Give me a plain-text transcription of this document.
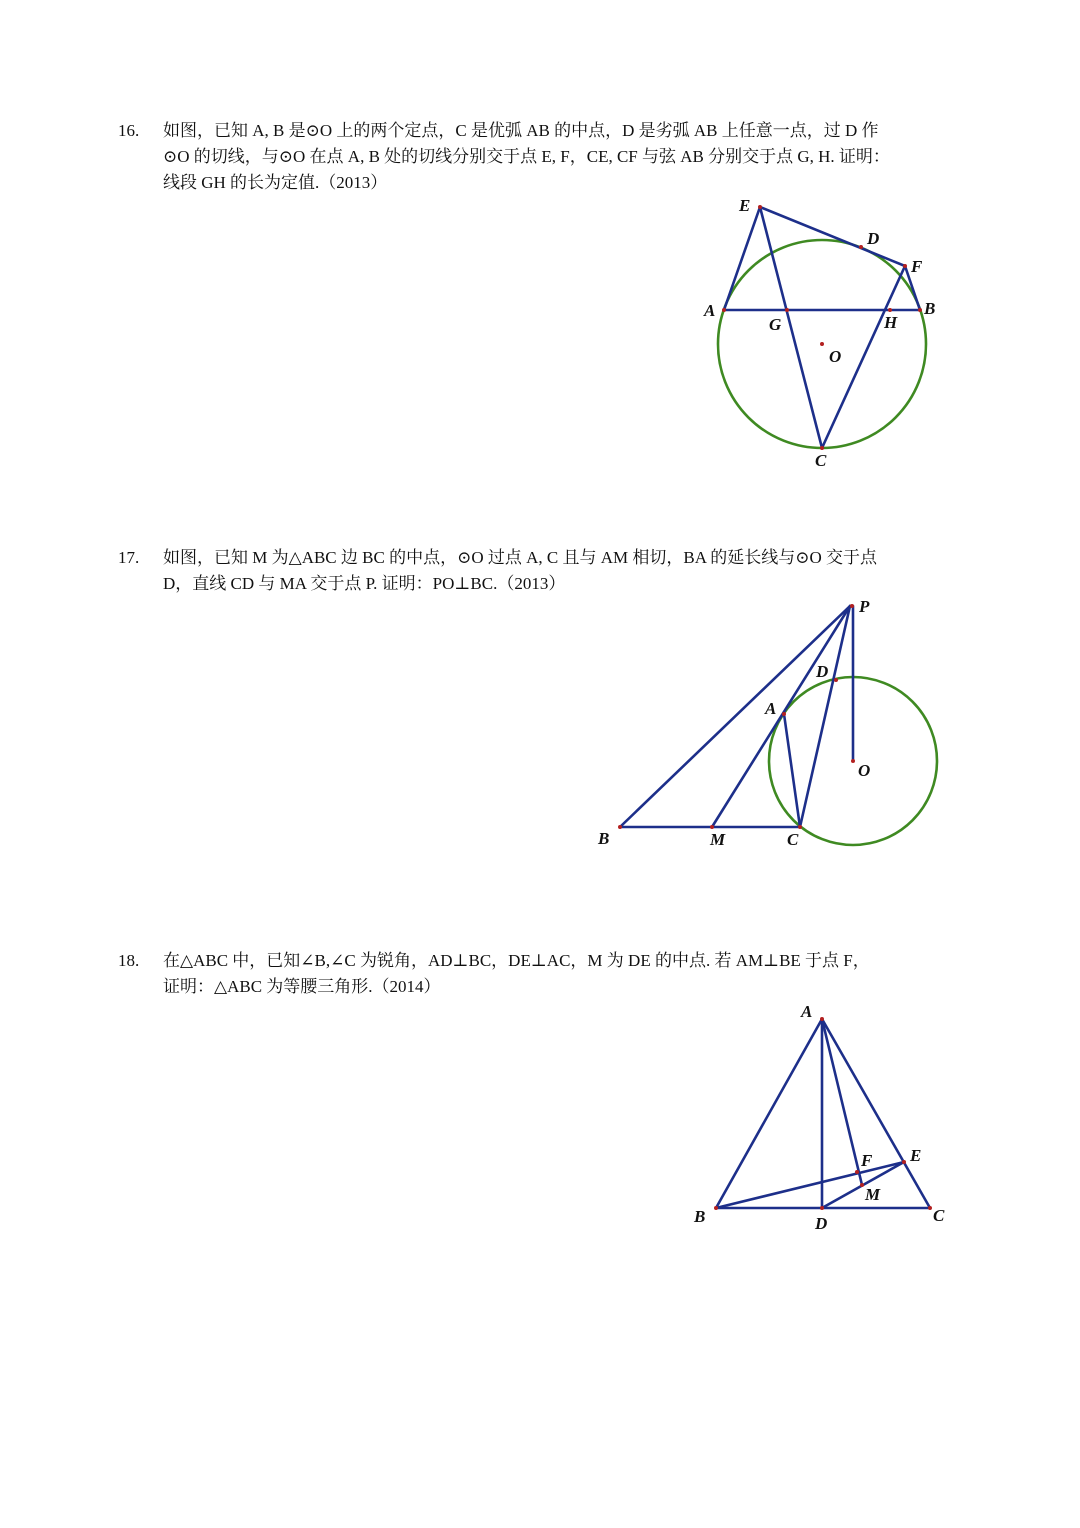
16.	如图，已知 A, B 是⊙O 上的两个定点，C 是优弧 AB 的中点，D 是劣弧 AB 上任意一点，过 D 作

⊙O 的切线，与⊙O 在点 A, B 处的切线分别交于点 E, F，CE, CF 与弦 AB 分别交于点 G, H. 证明：

线段 GH 的长为定值.（2013）

E
D
F
A	B
G	H
O
C
17.	如图，已知 M 为△ABC 边 BC 的中点，⊙O 过点 A, C 且与 AM 相切，BA 的延长线与⊙O 交于点

D，直线 CD 与 MA 交于点 P. 证明：PO⊥BC.（2013）

P
D
A
O
B	M	C
18.	在△ABC 中，已知∠B,∠C 为锐角，AD⊥BC，DE⊥AC，M 为 DE 的中点. 若 AM⊥BE 于点 F，

证明：△ABC 为等腰三角形.（2014）

A
F E
M
B	D	C
